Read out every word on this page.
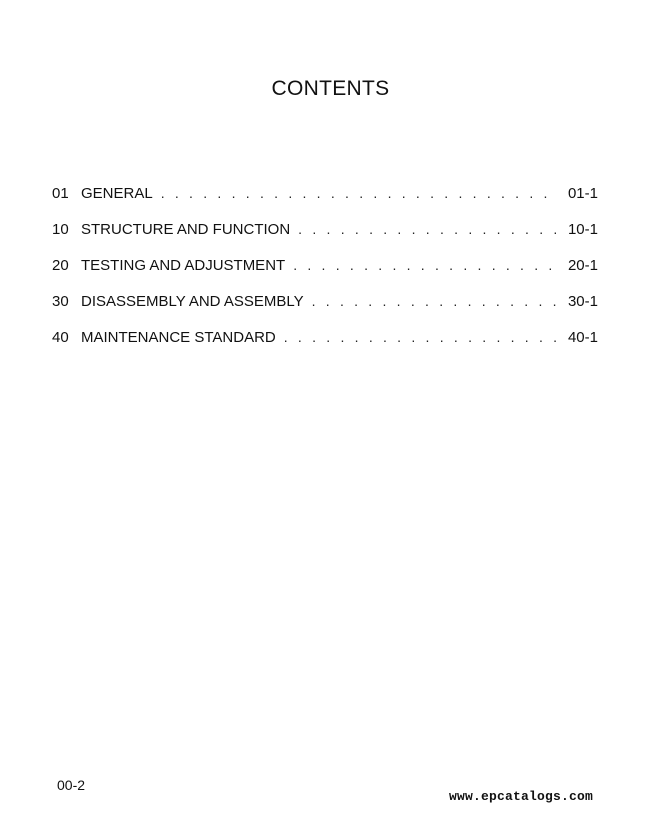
CONTENTS
01 GENERAL . . .	01-1
10 STRUCTURE AND FUNCTION . . .	10-1
20 TESTING AND ADJUSTMENT . . .	20-1
30 DISASSEMBLY AND ASSEMBLY . . .	30-1
40 MAINTENANCE STANDARD . . .	40-1
00-2
www.epcatalogs.com
